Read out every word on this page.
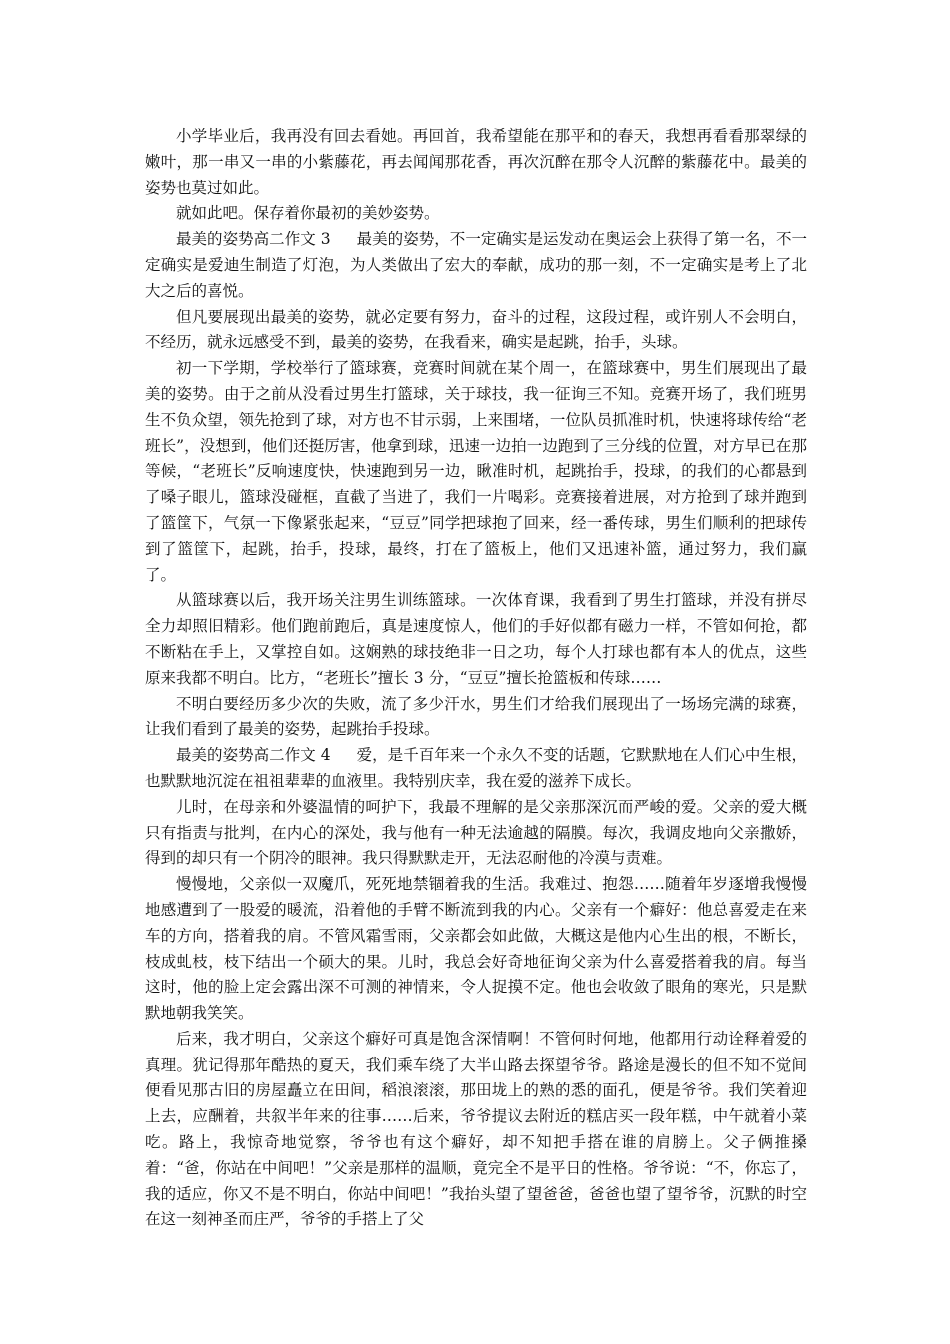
小学毕业后，我再没有回去看她。再回首，我希望能在那平和的春天，我想再看看那翠绿的嫩叶，那一串又一串的小紫藤花，再去闻闻那花香，再次沉醉在那令人沉醉的紫藤花中。最美的姿势也莫过如此。

就如此吧。保存着你最初的美妙姿势。

最美的姿势高二作文 3 最美的姿势，不一定确实是运发动在奥运会上获得了第一名，不一定确实是爱迪生制造了灯泡，为人类做出了宏大的奉献，成功的那一刻，不一定确实是考上了北大之后的喜悦。

但凡要展现出最美的姿势，就必定要有努力，奋斗的过程，这段过程，或许别人不会明白，不经历，就永远感受不到，最美的姿势，在我看来，确实是起跳，抬手，头球。

初一下学期，学校举行了篮球赛，竞赛时间就在某个周一，在篮球赛中，男生们展现出了最美的姿势。由于之前从没看过男生打篮球，关于球技，我一征询三不知。竞赛开场了，我们班男生不负众望，领先抢到了球，对方也不甘示弱，上来围堵，一位队员抓准时机，快速将球传给“老班长”，没想到，他们还挺厉害，他拿到球，迅速一边拍一边跑到了三分线的位置，对方早已在那等候，“老班长”反响速度快，快速跑到另一边，瞅准时机，起跳抬手，投球，的我们的心都悬到了嗓子眼儿，篮球没碰框，直截了当进了，我们一片喝彩。竞赛接着进展，对方抢到了球并跑到了篮筐下，气氛一下像紧张起来，“豆豆”同学把球抱了回来，经一番传球，男生们顺利的把球传到了篮筐下，起跳，抬手，投球，最终，打在了篮板上，他们又迅速补篮，通过努力，我们赢了。

从篮球赛以后，我开场关注男生训练篮球。一次体育课，我看到了男生打篮球，并没有拼尽全力却照旧精彩。他们跑前跑后，真是速度惊人，他们的手好似都有磁力一样，不管如何抢，都不断粘在手上，又掌控自如。这娴熟的球技绝非一日之功，每个人打球也都有本人的优点，这些原来我都不明白。比方，“老班长”擅长 3 分，“豆豆”擅长抢篮板和传球……

不明白要经历多少次的失败，流了多少汗水，男生们才给我们展现出了一场场完满的球赛，让我们看到了最美的姿势，起跳抬手投球。

最美的姿势高二作文 4 爱，是千百年来一个永久不变的话题，它默默地在人们心中生根，也默默地沉淀在祖祖辈辈的血液里。我特别庆幸，我在爱的滋养下成长。

儿时，在母亲和外婆温情的呵护下，我最不理解的是父亲那深沉而严峻的爱。父亲的爱大概只有指责与批判，在内心的深处，我与他有一种无法逾越的隔膜。每次，我调皮地向父亲撒娇，得到的却只有一个阴冷的眼神。我只得默默走开，无法忍耐他的冷漠与责难。

慢慢地，父亲似一双魔爪，死死地禁锢着我的生活。我难过、抱怨……随着年岁逐增我慢慢地感遭到了一股爱的暖流，沿着他的手臂不断流到我的内心。父亲有一个癖好：他总喜爱走在来车的方向，搭着我的肩。不管风霜雪雨，父亲都会如此做，大概这是他内心生出的根，不断长，枝成虬枝，枝下结出一个硕大的果。儿时，我总会好奇地征询父亲为什么喜爱搭着我的肩。每当这时，他的脸上定会露出深不可测的神情来，令人捉摸不定。他也会收敛了眼角的寒光，只是默默地朝我笑笑。

后来，我才明白，父亲这个癖好可真是饱含深情啊！不管何时何地，他都用行动诠释着爱的真理。犹记得那年酷热的夏天，我们乘车绕了大半山路去探望爷爷。路途是漫长的但不知不觉间便看见那古旧的房屋矗立在田间，稻浪滚滚，那田垅上的熟的悉的面孔，便是爷爷。我们笑着迎上去，应酬着，共叙半年来的往事……后来，爷爷提议去附近的糕店买一段年糕，中午就着小菜吃。路上，我惊奇地觉察，爷爷也有这个癖好，却不知把手搭在谁的肩膀上。父子俩推搡着：“爸，你站在中间吧！”父亲是那样的温顺，竟完全不是平日的性格。爷爷说：“不，你忘了，我的适应，你又不是不明白，你站中间吧！”我抬头望了望爸爸，爸爸也望了望爷爷，沉默的时空在这一刻神圣而庄严，爷爷的手搭上了父
